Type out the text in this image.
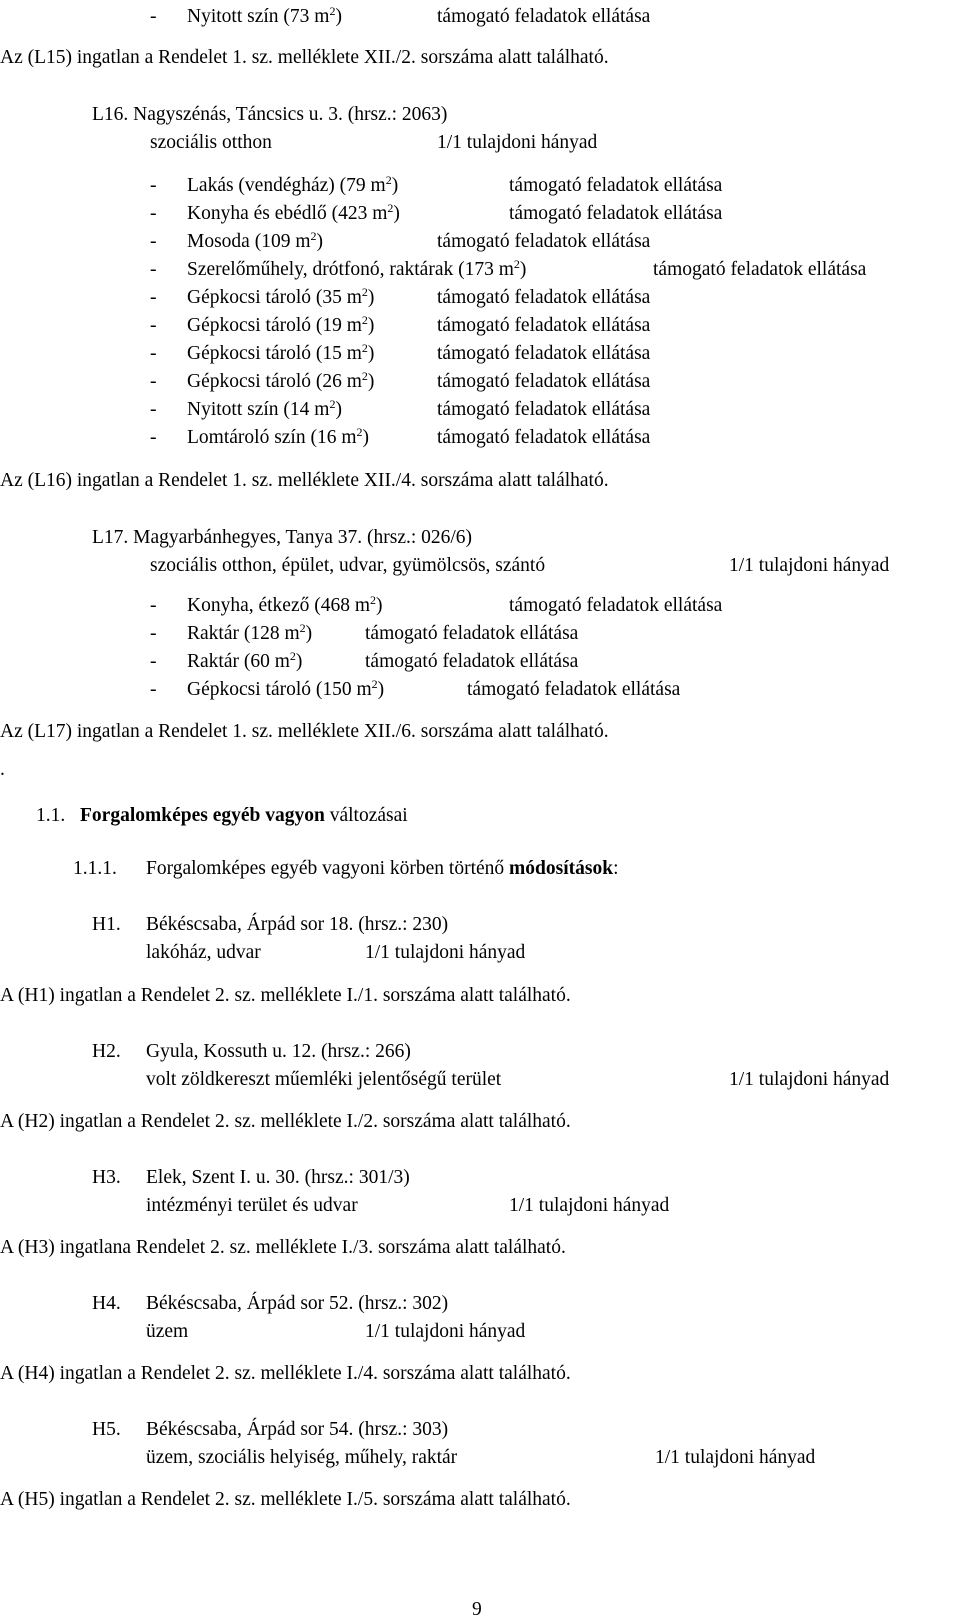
- Nyitott szín (73 $m^2$)	támogató feladatok ellátása
Az (L15) ingatlan a Rendelet 1. sz. melléklete XII./2. sorszáma alatt található.
L16. Nagyszénás, Táncsics u. 3. (hrsz.: 2063)
szociális otthon	1/1 tulajdoni hányad
- Lakás (vendégház) (79 $m^2$)	támogató feladatok ellátása
- Konyha és ebédlő (423 $m^2$)	támogató feladatok ellátása
- Mosoda (109 $m^2$)	támogató feladatok ellátása
- Szerelőműhely, drótfonó, raktárak (173 $m^2$)	támogató feladatok ellátása
- Gépkocsi tároló (35 $m^2$)	támogató feladatok ellátása
- Gépkocsi tároló (19 $m^2$)	támogató feladatok ellátása
- Gépkocsi tároló (15 $m^2$)	támogató feladatok ellátása
- Gépkocsi tároló (26 $m^2$)	támogató feladatok ellátása
- Nyitott szín (14 $m^2$)	támogató feladatok ellátása
- Lomtároló szín (16 $m^2$)	támogató feladatok ellátása
Az (L16) ingatlan a Rendelet 1. sz. melléklete XII./4. sorszáma alatt található.
L17. Magyarbánhegyes, Tanya 37. (hrsz.: 026/6)
szociális otthon, épület, udvar, gyümölcsös, szántó	1/1 tulajdoni hányad
- Konyha, étkező (468 $m^2$)	támogató feladatok ellátása
- Raktár (128 $m^2$)	támogató feladatok ellátása
- Raktár (60 $m^2$)	támogató feladatok ellátása
- Gépkocsi tároló (150 $m^2$)	támogató feladatok ellátása
Az (L17) ingatlan a Rendelet 1. sz. melléklete XII./6. sorszáma alatt található.
.
1.1. Forgalomképes egyéb vagyon változásai
1.1.1. Forgalomképes egyéb vagyoni körben történő módosítások:
H1. Békéscsaba, Árpád sor 18. (hrsz.: 230)
lakóház, udvar	1/1 tulajdoni hányad
A (H1) ingatlan a Rendelet 2. sz. melléklete I./1. sorszáma alatt található.
H2. Gyula, Kossuth u. 12. (hrsz.: 266)
volt zöldkereszt műemléki jelentőségű terület	1/1 tulajdoni hányad
A (H2) ingatlan a Rendelet 2. sz. melléklete I./2. sorszáma alatt található.
H3. Elek, Szent I. u. 30. (hrsz.: 301/3)
intézményi terület és udvar	1/1 tulajdoni hányad
A (H3) ingatlana Rendelet 2. sz. melléklete I./3. sorszáma alatt található.
H4. Békéscsaba, Árpád sor 52. (hrsz.: 302)
üzem	1/1 tulajdoni hányad
A (H4) ingatlan a Rendelet 2. sz. melléklete I./4. sorszáma alatt található.
H5. Békéscsaba, Árpád sor 54. (hrsz.: 303)
üzem, szociális helyiség, műhely, raktár	1/1 tulajdoni hányad
A (H5) ingatlan a Rendelet 2. sz. melléklete I./5. sorszáma alatt található.
9
